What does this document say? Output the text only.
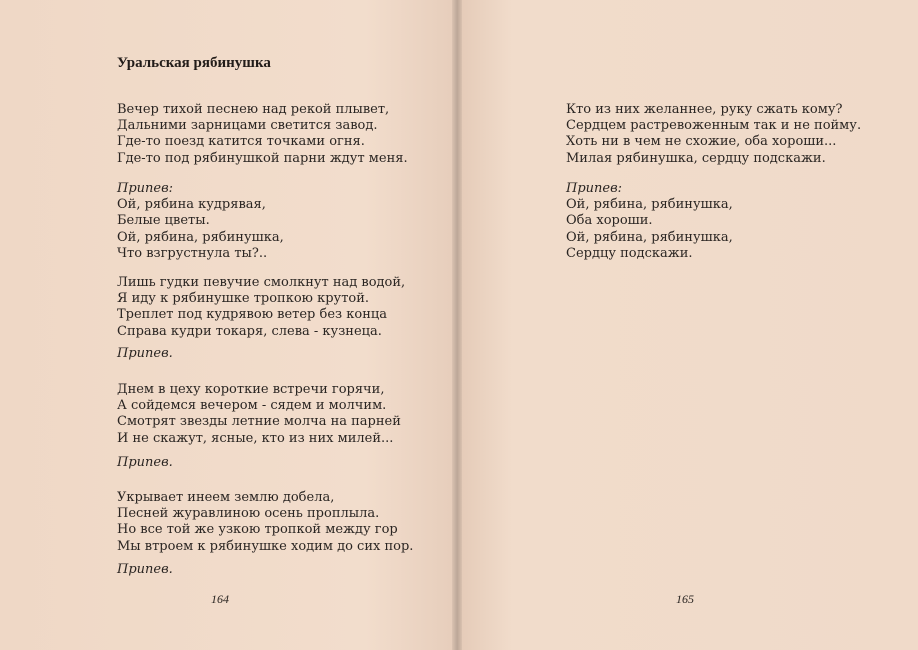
Уральская рябинушка
Вечер тихой песнею над рекой плывет,
Дальними зарницами светится завод.
Где-то поезд катится точками огня.
Где-то под рябинушкой парни ждут меня.
Припев:
Ой, рябина кудрявая,
Белые цветы.
Ой, рябина, рябинушка,
Что взгрустнула ты?..
Лишь гудки певучие смолкнут над водой,
Я иду к рябинушке тропкою крутой.
Треплет под кудрявою ветер без конца
Справа кудри токаря, слева - кузнеца.
Припев.
Днем в цеху короткие встречи горячи,
А сойдемся вечером - сядем и молчим.
Смотрят звезды летние молча на парней
И не скажут, ясные, кто из них милей...
Припев.
Укрывает инеем землю добела,
Песней журавлиною осень проплыла.
Но все той же узкою тропкой между гор
Мы втроем к рябинушке ходим до сих пор.
Припев.
164
Кто из них желаннее, руку сжать кому?
Сердцем растревоженным так и не пойму.
Хоть ни в чем не схожие, оба хороши...
Милая рябинушка, сердцу подскажи.
Припев:
Ой, рябина, рябинушка,
Оба хороши.
Ой, рябина, рябинушка,
Сердцу подскажи.
165
